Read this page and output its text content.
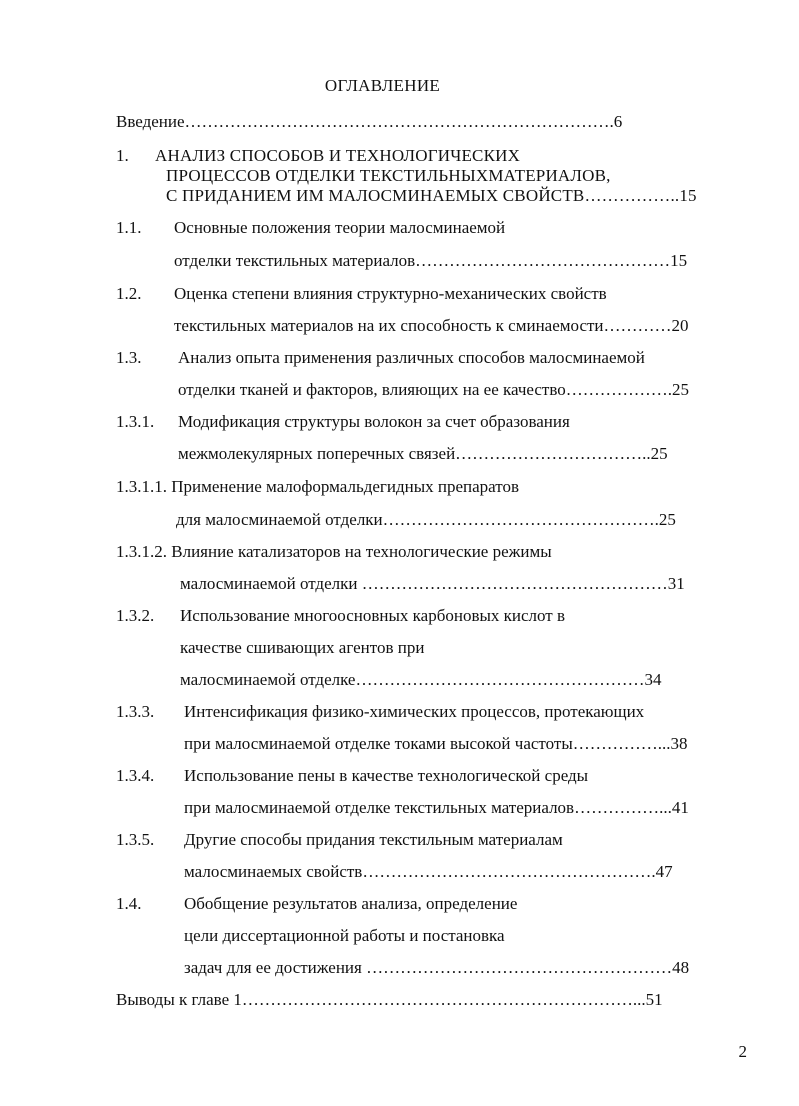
ОГЛАВЛЕНИЕ
Введение………………………………………………………………….6
1. АНАЛИЗ СПОСОБОВ И ТЕХНОЛОГИЧЕСКИХ
ПРОЦЕССОВ ОТДЕЛКИ ТЕКСТИЛЬНЫХМАТЕРИАЛОВ,
С ПРИДАНИЕМ ИМ МАЛОСМИНАЕМЫХ СВОЙСТВ……………..15
1.1. Основные положения теории малосминаемой
отделки текстильных материалов………………………………………15
1.2. Оценка степени влияния структурно-механических свойств
текстильных материалов на их способность к сминаемости…………20
1.3. Анализ опыта применения различных способов малосминаемой
отделки тканей и факторов, влияющих на ее качество……………….25
1.3.1. Модификация структуры волокон за счет образования
межмолекулярных поперечных связей……………………………..25
1.3.1.1. Применение малоформальдегидных препаратов
для малосминаемой отделки………………………………………….25
1.3.1.2. Влияние катализаторов на технологические режимы
малосминаемой отделки ………………………………………………31
1.3.2. Использование многоосновных карбоновых кислот в
качестве сшивающих агентов при
малосминаемой отделке……………………………………………34
1.3.3. Интенсификация физико-химических процессов, протекающих
при малосминаемой отделке токами высокой частоты……………...38
1.3.4. Использование пены в качестве технологической среды
при малосминаемой отделке текстильных материалов……………...41
1.3.5. Другие способы придания текстильным материалам
малосминаемых свойств…………………………………………….47
1.4.	Обобщение результатов анализа, определение
цели диссертационной работы и постановка
задач для ее достижения ………………………………………………48
Выводы к главе 1……………………………………………………………...51
2
